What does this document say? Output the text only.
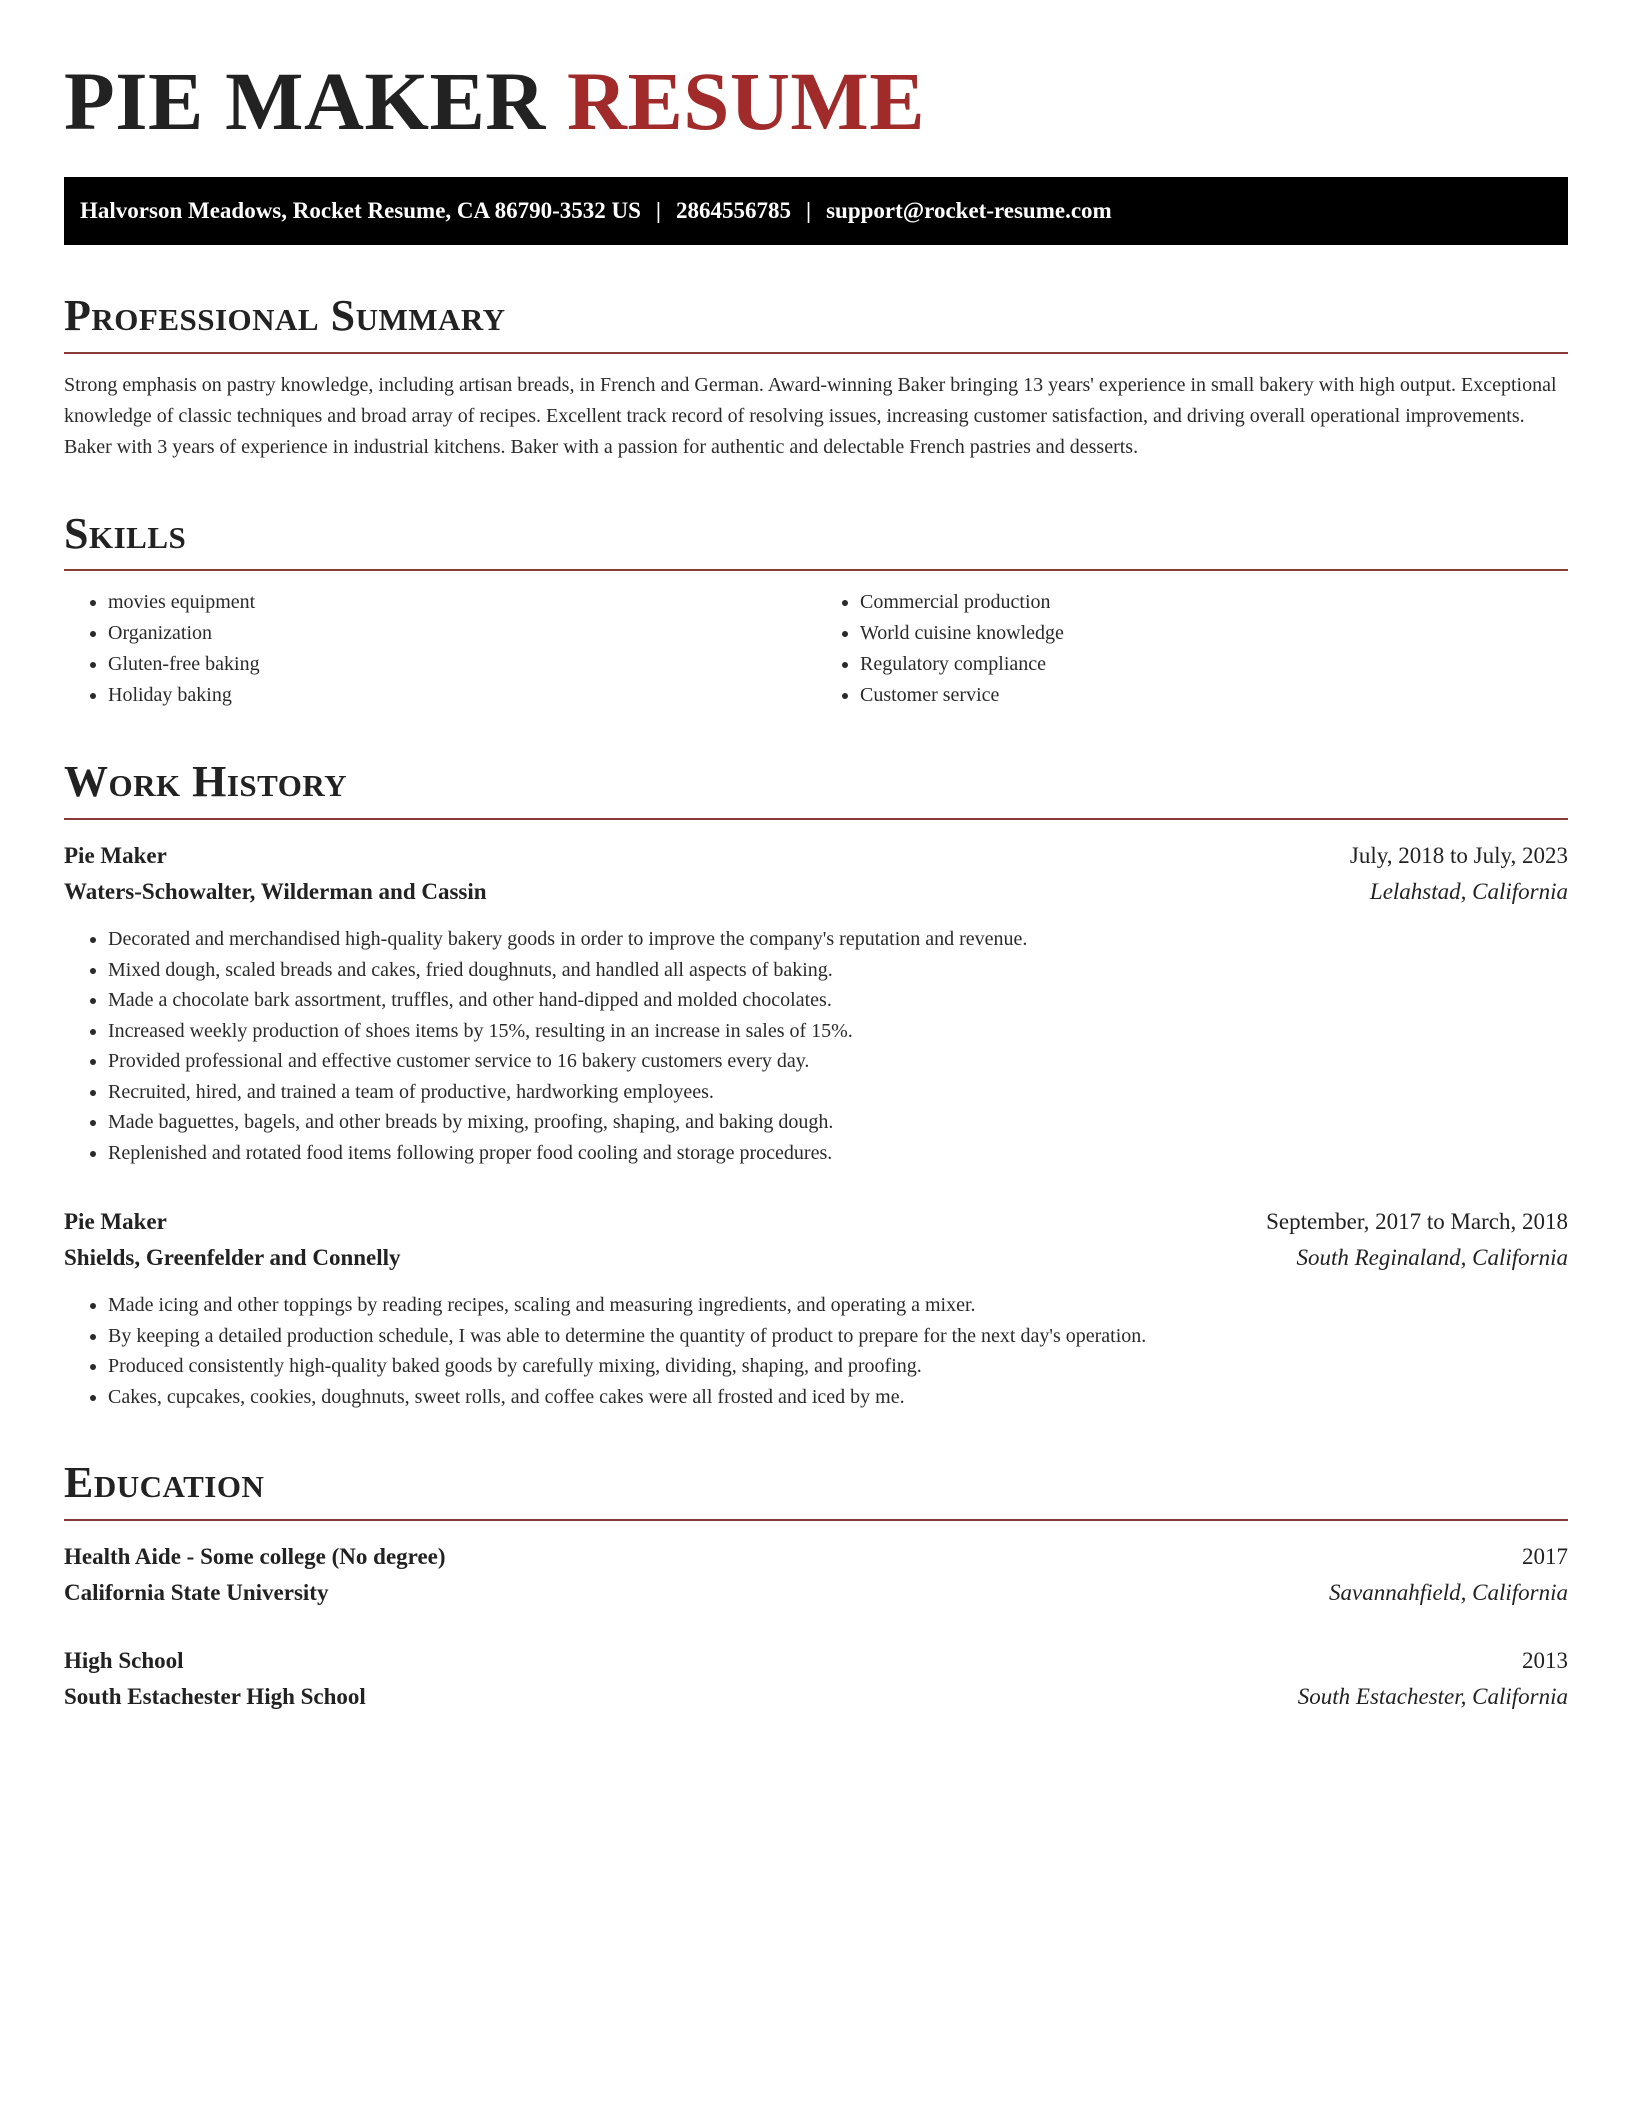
PIE MAKER RESUME
Halvorson Meadows, Rocket Resume, CA 86790-3532 US | 2864556785 | support@rocket-resume.com
Professional Summary

Strong emphasis on pastry knowledge, including artisan breads, in French and German. Award-winning Baker bringing 13 years' experience in small bakery with high output. Exceptional knowledge of classic techniques and broad array of recipes. Excellent track record of resolving issues, increasing customer satisfaction, and driving overall operational improvements. Baker with 3 years of experience in industrial kitchens. Baker with a passion for authentic and delectable French pastries and desserts.

Skills
• movies equipment
• Organization
• Gluten-free baking
• Holiday baking
• Commercial production
• World cuisine knowledge
• Regulatory compliance
• Customer service
Work History
Pie Maker	July, 2018 to July, 2023
Waters-Schowalter, Wilderman and Cassin	Lelahstad, California
• Decorated and merchandised high-quality bakery goods in order to improve the company's reputation and revenue.
• Mixed dough, scaled breads and cakes, fried doughnuts, and handled all aspects of baking.
• Made a chocolate bark assortment, truffles, and other hand-dipped and molded chocolates.
• Increased weekly production of shoes items by 15%, resulting in an increase in sales of 15%.
• Provided professional and effective customer service to 16 bakery customers every day.
• Recruited, hired, and trained a team of productive, hardworking employees.
• Made baguettes, bagels, and other breads by mixing, proofing, shaping, and baking dough.
• Replenished and rotated food items following proper food cooling and storage procedures.
Pie Maker	September, 2017 to March, 2018
Shields, Greenfelder and Connelly	South Reginaland, California
• Made icing and other toppings by reading recipes, scaling and measuring ingredients, and operating a mixer.
• By keeping a detailed production schedule, I was able to determine the quantity of product to prepare for the next day's operation.
• Produced consistently high-quality baked goods by carefully mixing, dividing, shaping, and proofing.
• Cakes, cupcakes, cookies, doughnuts, sweet rolls, and coffee cakes were all frosted and iced by me.
Education
Health Aide - Some college (No degree)	2017
California State University	Savannahfield, California
High School	2013
South Estachester High School	South Estachester, California
